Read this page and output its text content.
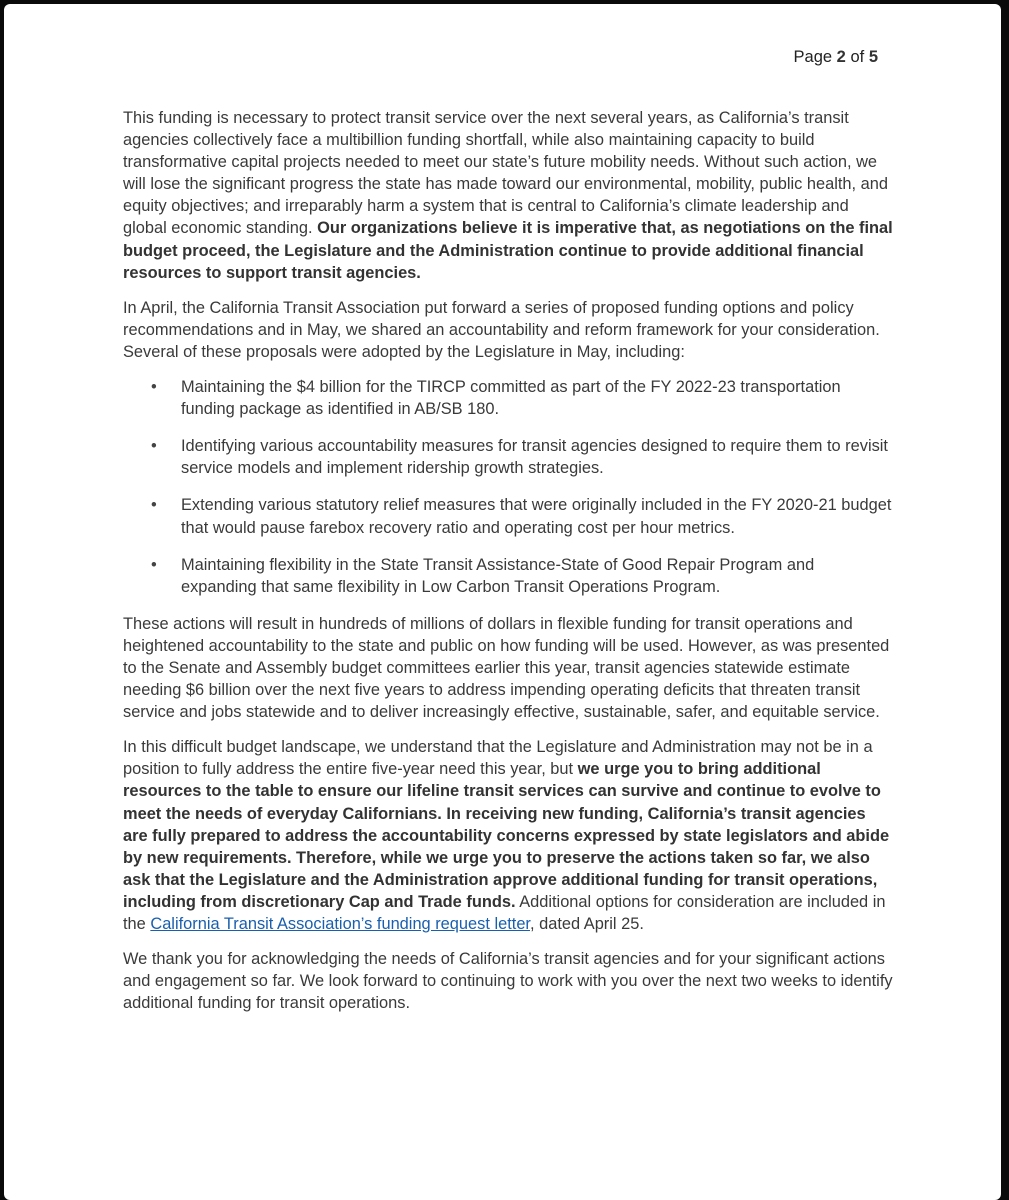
Page 2 of 5

This funding is necessary to protect transit service over the next several years, as California’s transit agencies collectively face a multibillion funding shortfall, while also maintaining capacity to build transformative capital projects needed to meet our state’s future mobility needs. Without such action, we will lose the significant progress the state has made toward our environmental, mobility, public health, and equity objectives; and irreparably harm a system that is central to California’s climate leadership and global economic standing. Our organizations believe it is imperative that, as negotiations on the final budget proceed, the Legislature and the Administration continue to provide additional financial resources to support transit agencies.

In April, the California Transit Association put forward a series of proposed funding options and policy recommendations and in May, we shared an accountability and reform framework for your consideration. Several of these proposals were adopted by the Legislature in May, including:

• Maintaining the $4 billion for the TIRCP committed as part of the FY 2022-23 transportation funding package as identified in AB/SB 180.
• Identifying various accountability measures for transit agencies designed to require them to revisit service models and implement ridership growth strategies.
• Extending various statutory relief measures that were originally included in the FY 2020-21 budget that would pause farebox recovery ratio and operating cost per hour metrics.
• Maintaining flexibility in the State Transit Assistance-State of Good Repair Program and expanding that same flexibility in Low Carbon Transit Operations Program.

These actions will result in hundreds of millions of dollars in flexible funding for transit operations and heightened accountability to the state and public on how funding will be used. However, as was presented to the Senate and Assembly budget committees earlier this year, transit agencies statewide estimate needing $6 billion over the next five years to address impending operating deficits that threaten transit service and jobs statewide and to deliver increasingly effective, sustainable, safer, and equitable service.

In this difficult budget landscape, we understand that the Legislature and Administration may not be in a position to fully address the entire five-year need this year, but we urge you to bring additional resources to the table to ensure our lifeline transit services can survive and continue to evolve to meet the needs of everyday Californians. In receiving new funding, California’s transit agencies are fully prepared to address the accountability concerns expressed by state legislators and abide by new requirements. Therefore, while we urge you to preserve the actions taken so far, we also ask that the Legislature and the Administration approve additional funding for transit operations, including from discretionary Cap and Trade funds. Additional options for consideration are included in the California Transit Association’s funding request letter, dated April 25.

We thank you for acknowledging the needs of California’s transit agencies and for your significant actions and engagement so far. We look forward to continuing to work with you over the next two weeks to identify additional funding for transit operations.
